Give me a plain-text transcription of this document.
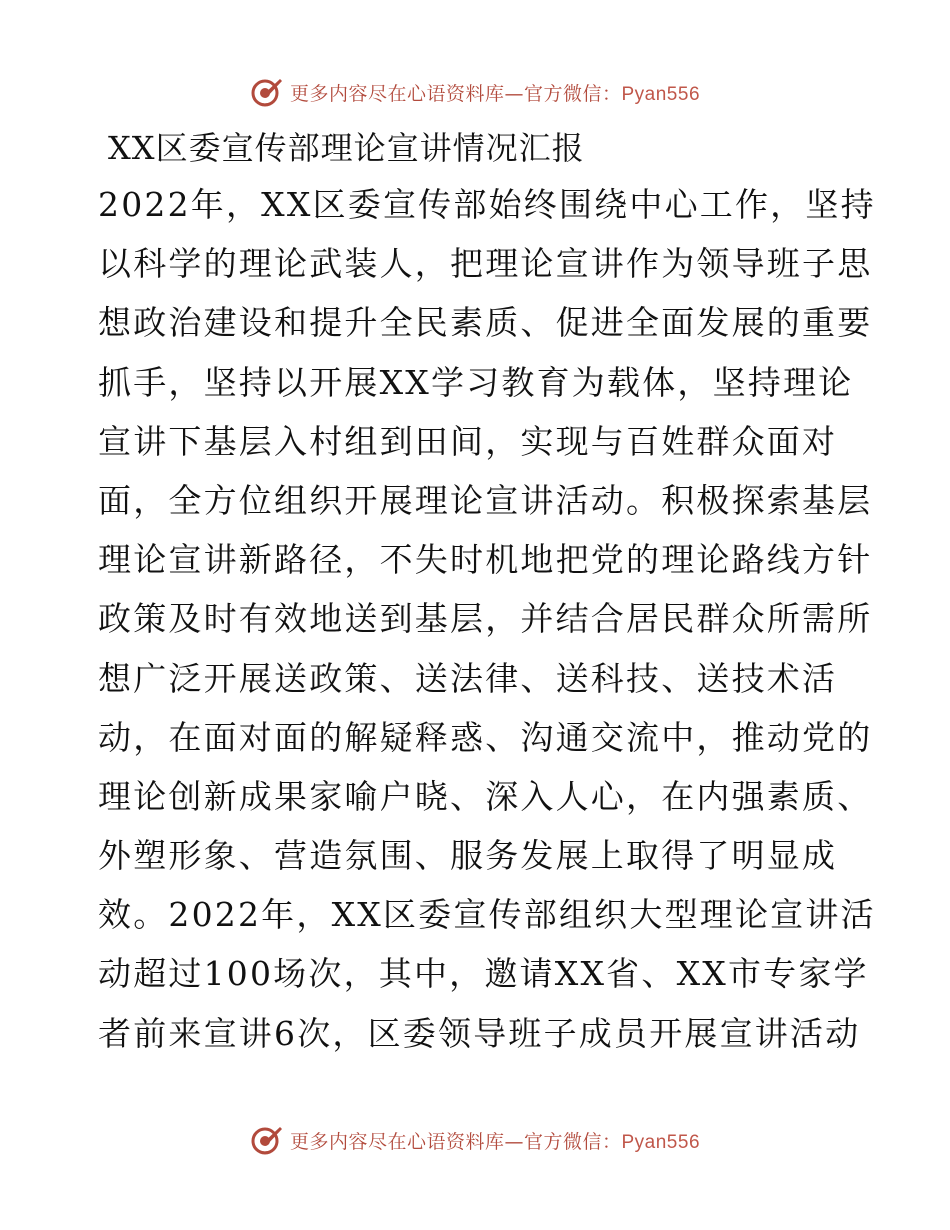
更多内容尽在心语资料库—官方微信：Pyan556
XX区委宣传部理论宣讲情况汇报
2022年，XX区委宣传部始终围绕中心工作，坚持
以科学的理论武装人，把理论宣讲作为领导班子思
想政治建设和提升全民素质、促进全面发展的重要
抓手，坚持以开展XX学习教育为载体，坚持理论
宣讲下基层入村组到田间，实现与百姓群众面对
面，全方位组织开展理论宣讲活动。积极探索基层
理论宣讲新路径，不失时机地把党的理论路线方针
政策及时有效地送到基层，并结合居民群众所需所
想广泛开展送政策、送法律、送科技、送技术活
动，在面对面的解疑释惑、沟通交流中，推动党的
理论创新成果家喻户晓、深入人心，在内强素质、
外塑形象、营造氛围、服务发展上取得了明显成
效。2022年，XX区委宣传部组织大型理论宣讲活
动超过100场次，其中，邀请XX省、XX市专家学
者前来宣讲6次，区委领导班子成员开展宣讲活动
更多内容尽在心语资料库—官方微信：Pyan556
